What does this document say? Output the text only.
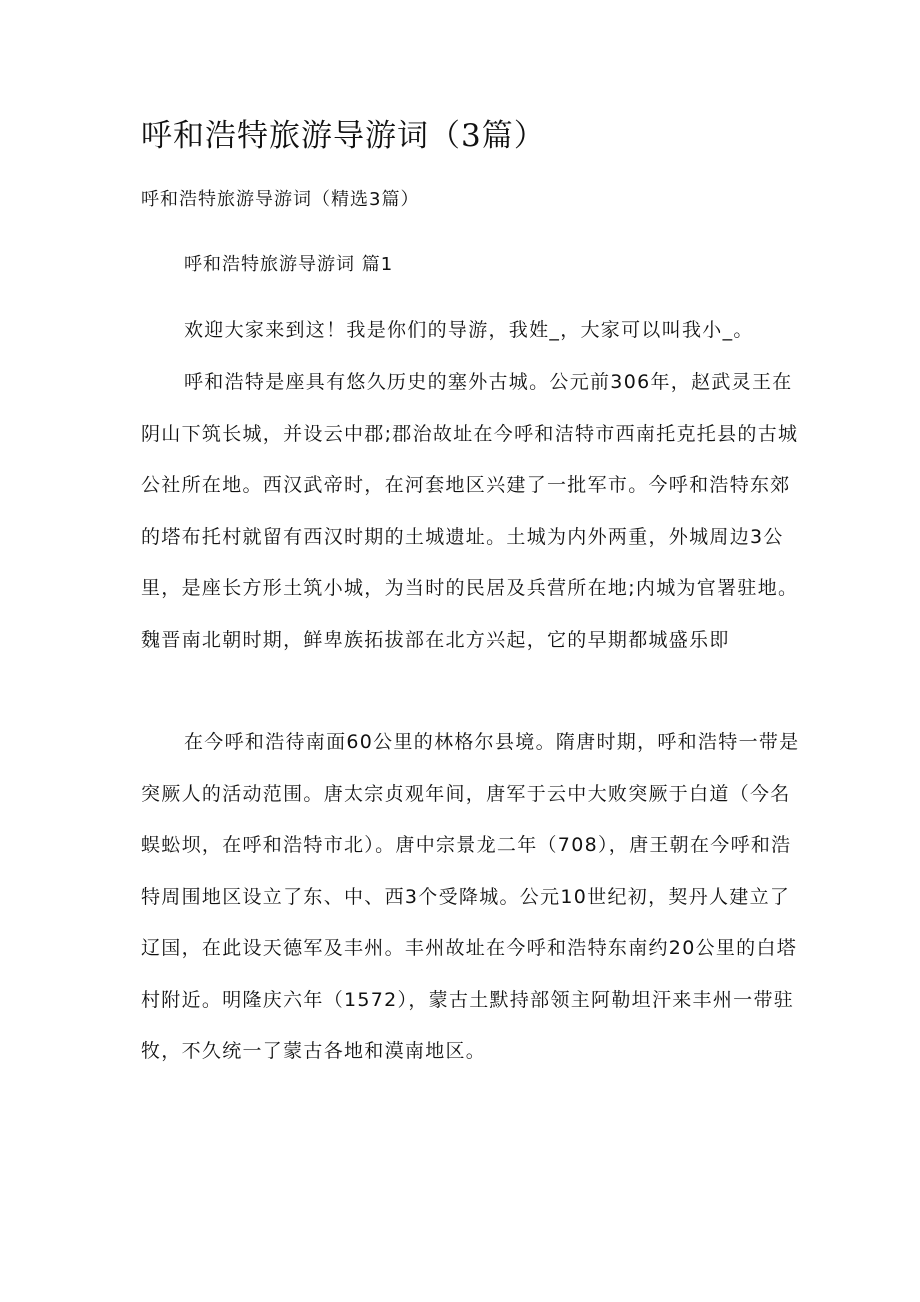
呼和浩特旅游导游词（3篇）
呼和浩特旅游导游词（精选3篇）
呼和浩特旅游导游词 篇1

欢迎大家来到这！我是你们的导游，我姓_，大家可以叫我小_。

呼和浩特是座具有悠久历史的塞外古城。公元前306年，赵武灵王在阴山下筑长城，并设云中郡;郡治故址在今呼和洁特市西南托克托县的古城公社所在地。西汉武帝时，在河套地区兴建了一批军市。今呼和浩特东郊的塔布托村就留有西汉时期的土城遗址。土城为内外两重，外城周边3公里，是座长方形土筑小城，为当时的民居及兵营所在地;内城为官署驻地。魏晋南北朝时期，鲜卑族拓拔部在北方兴起，它的早期都城盛乐即

在今呼和浩待南面60公里的林格尔县境。隋唐时期，呼和浩特一带是突厥人的活动范围。唐太宗贞观年间，唐军于云中大败突厥于白道（今名蜈蚣坝，在呼和浩特市北）。唐中宗景龙二年（708），唐王朝在今呼和浩特周围地区设立了东、中、西3个受降城。公元10世纪初，契丹人建立了辽国，在此设天德军及丰州。丰州故址在今呼和浩特东南约20公里的白塔村附近。明隆庆六年（1572），蒙古土默持部领主阿勒坦汗来丰州一带驻牧，不久统一了蒙古各地和漠南地区。
